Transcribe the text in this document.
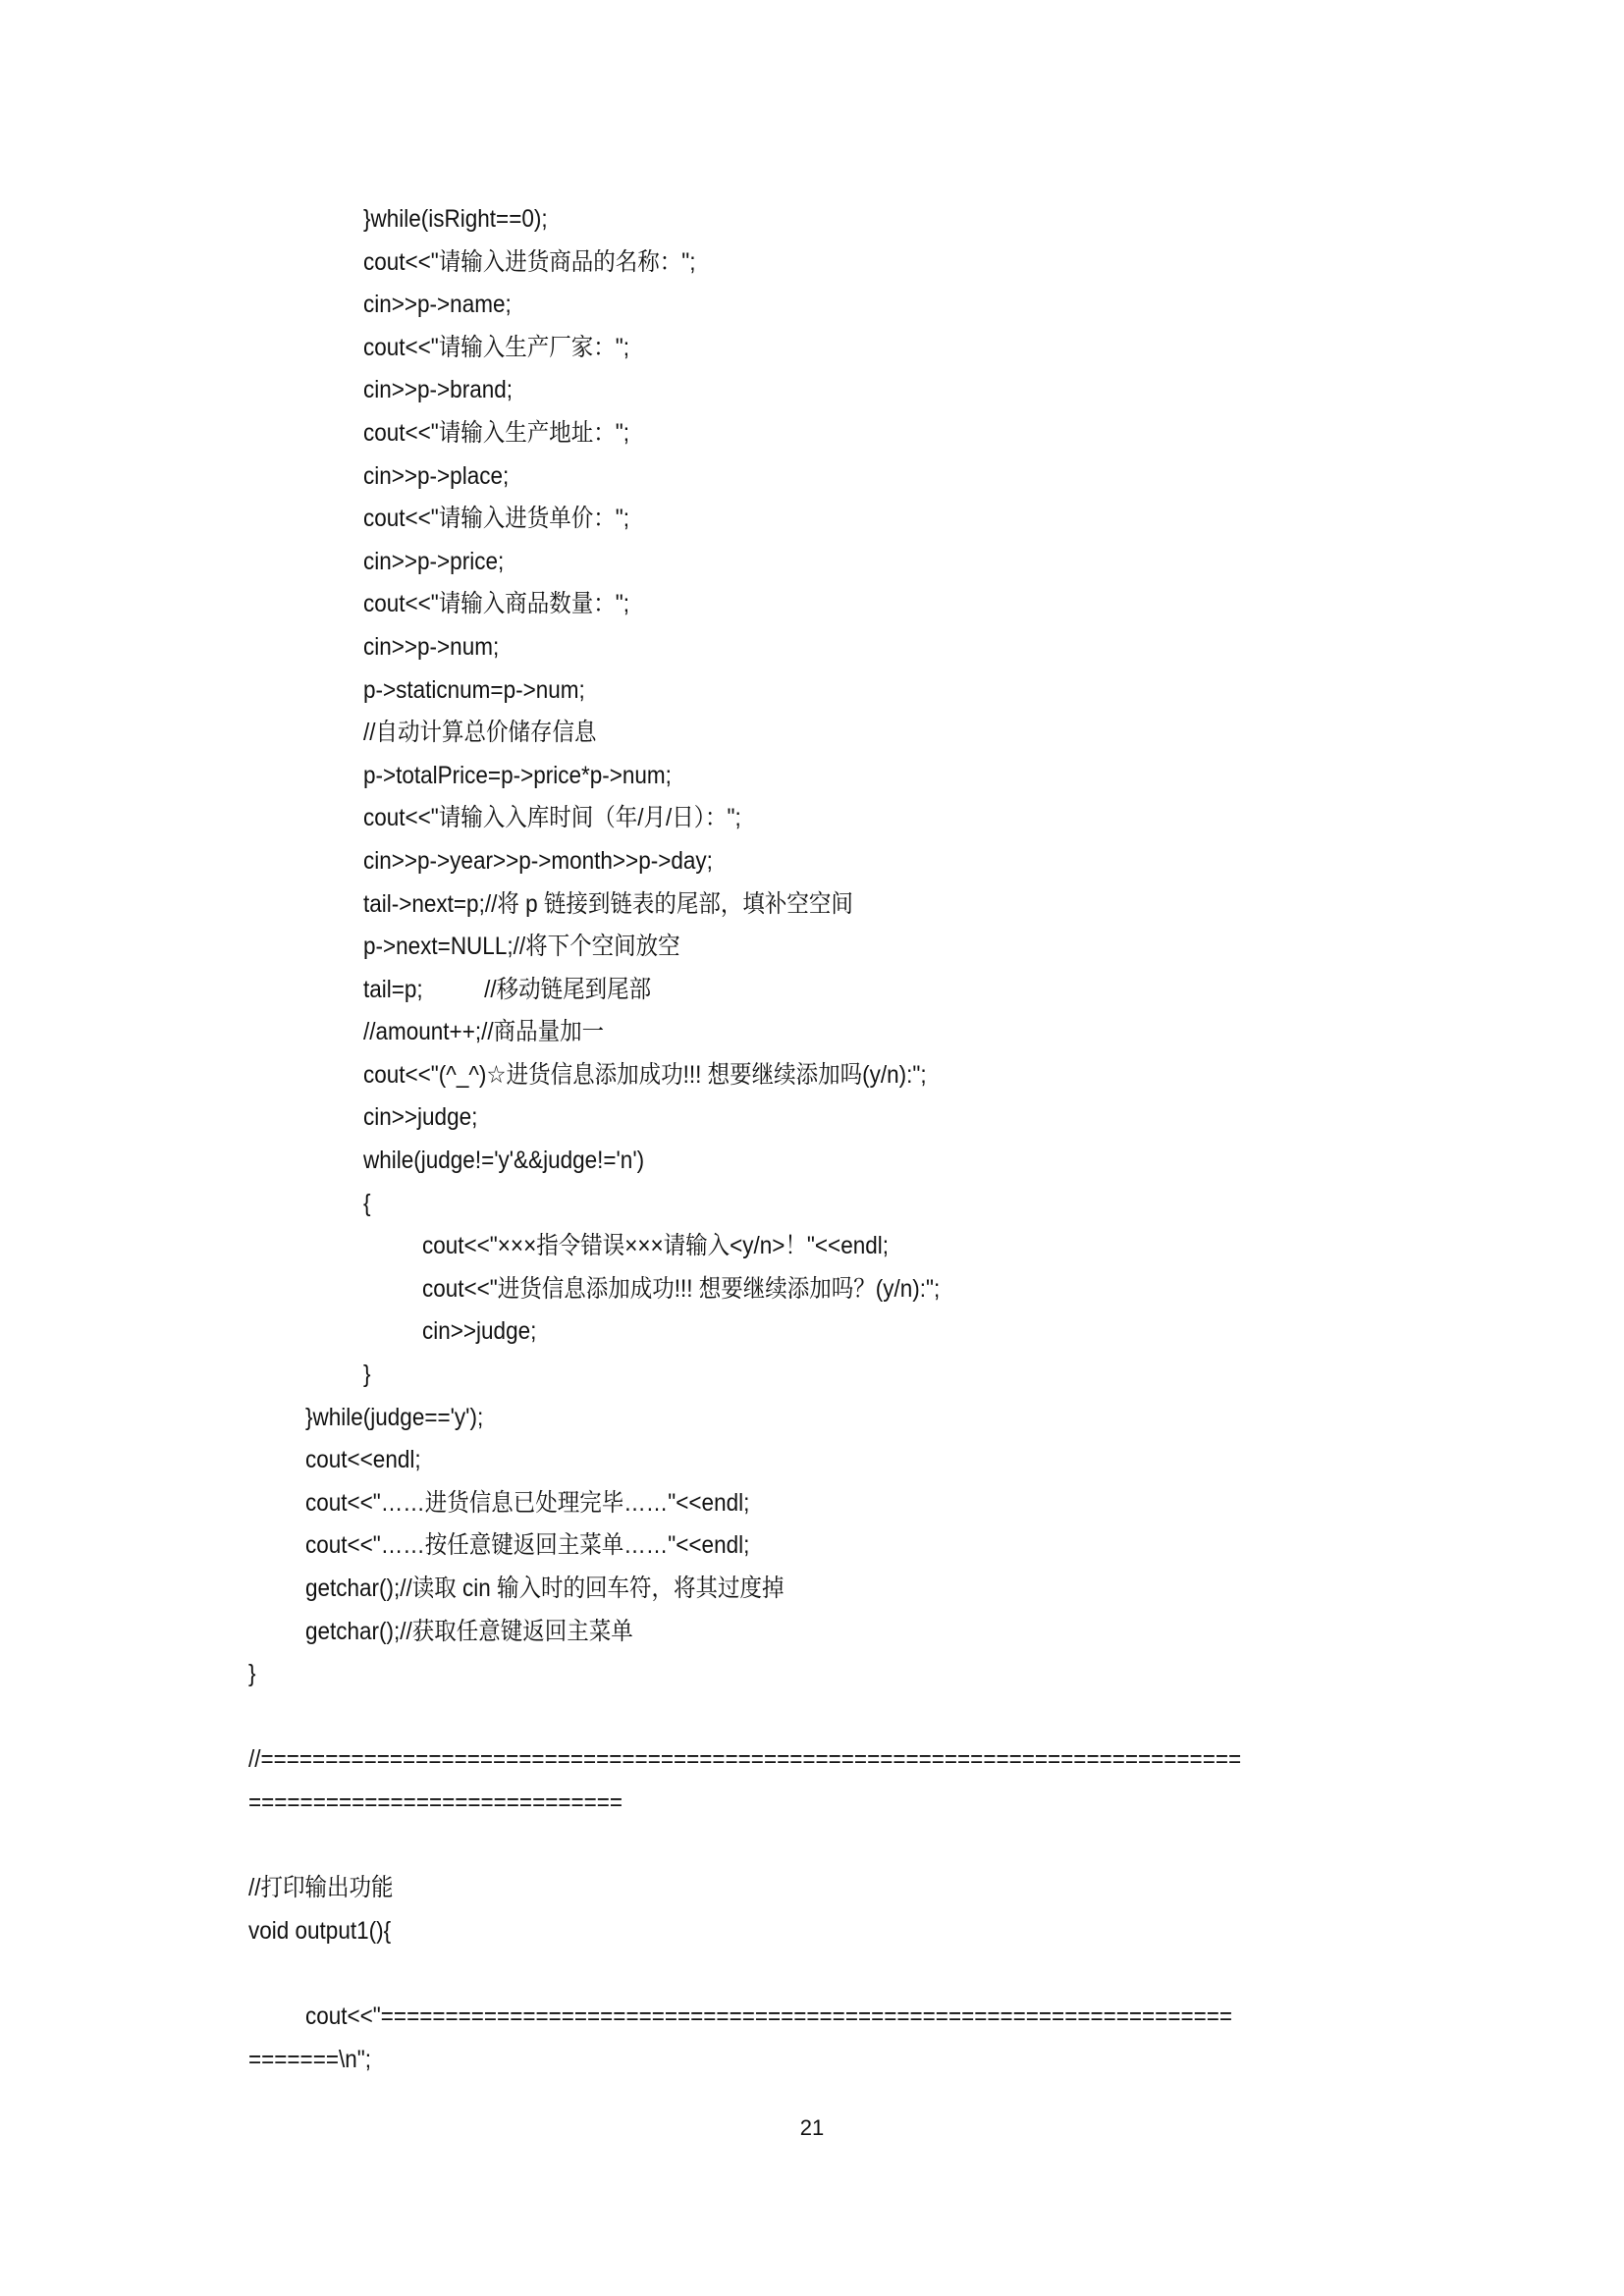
}while(isRight==0);
cout<<"请输入进货商品的名称：";
cin>>p->name;
cout<<"请输入生产厂家：";
cin>>p->brand;
cout<<"请输入生产地址：";
cin>>p->place;
cout<<"请输入进货单价：";
cin>>p->price;
cout<<"请输入商品数量：";
cin>>p->num;
p->staticnum=p->num;
//自动计算总价储存信息
p->totalPrice=p->price*p->num;
cout<<"请输入入库时间（年/月/日）：";
cin>>p->year>>p->month>>p->day;
tail->next=p;//将 p 链接到链表的尾部，填补空空间
p->next=NULL;//将下个空间放空
tail=p;          //移动链尾到尾部
//amount++;//商品量加一
cout<<"(^_^)☆进货信息添加成功!!! 想要继续添加吗(y/n):";
cin>>judge;
while(judge!='y'&&judge!='n')
{
cout<<"×××指令错误×××请输入<y/n>！"<<endl;
cout<<"进货信息添加成功!!! 想要继续添加吗？(y/n):";
cin>>judge;
}
}while(judge=='y');
cout<<endl;
cout<<"……进货信息已处理完毕……"<<endl;
cout<<"……按任意键返回主菜单……"<<endl;
getchar();//读取 cin 输入时的回车符，将其过度掉
getchar();//获取任意键返回主菜单
}
//============================================================================
=============================
//打印输出功能
void output1(){
cout<<"==================================================================
=======\n";
21
